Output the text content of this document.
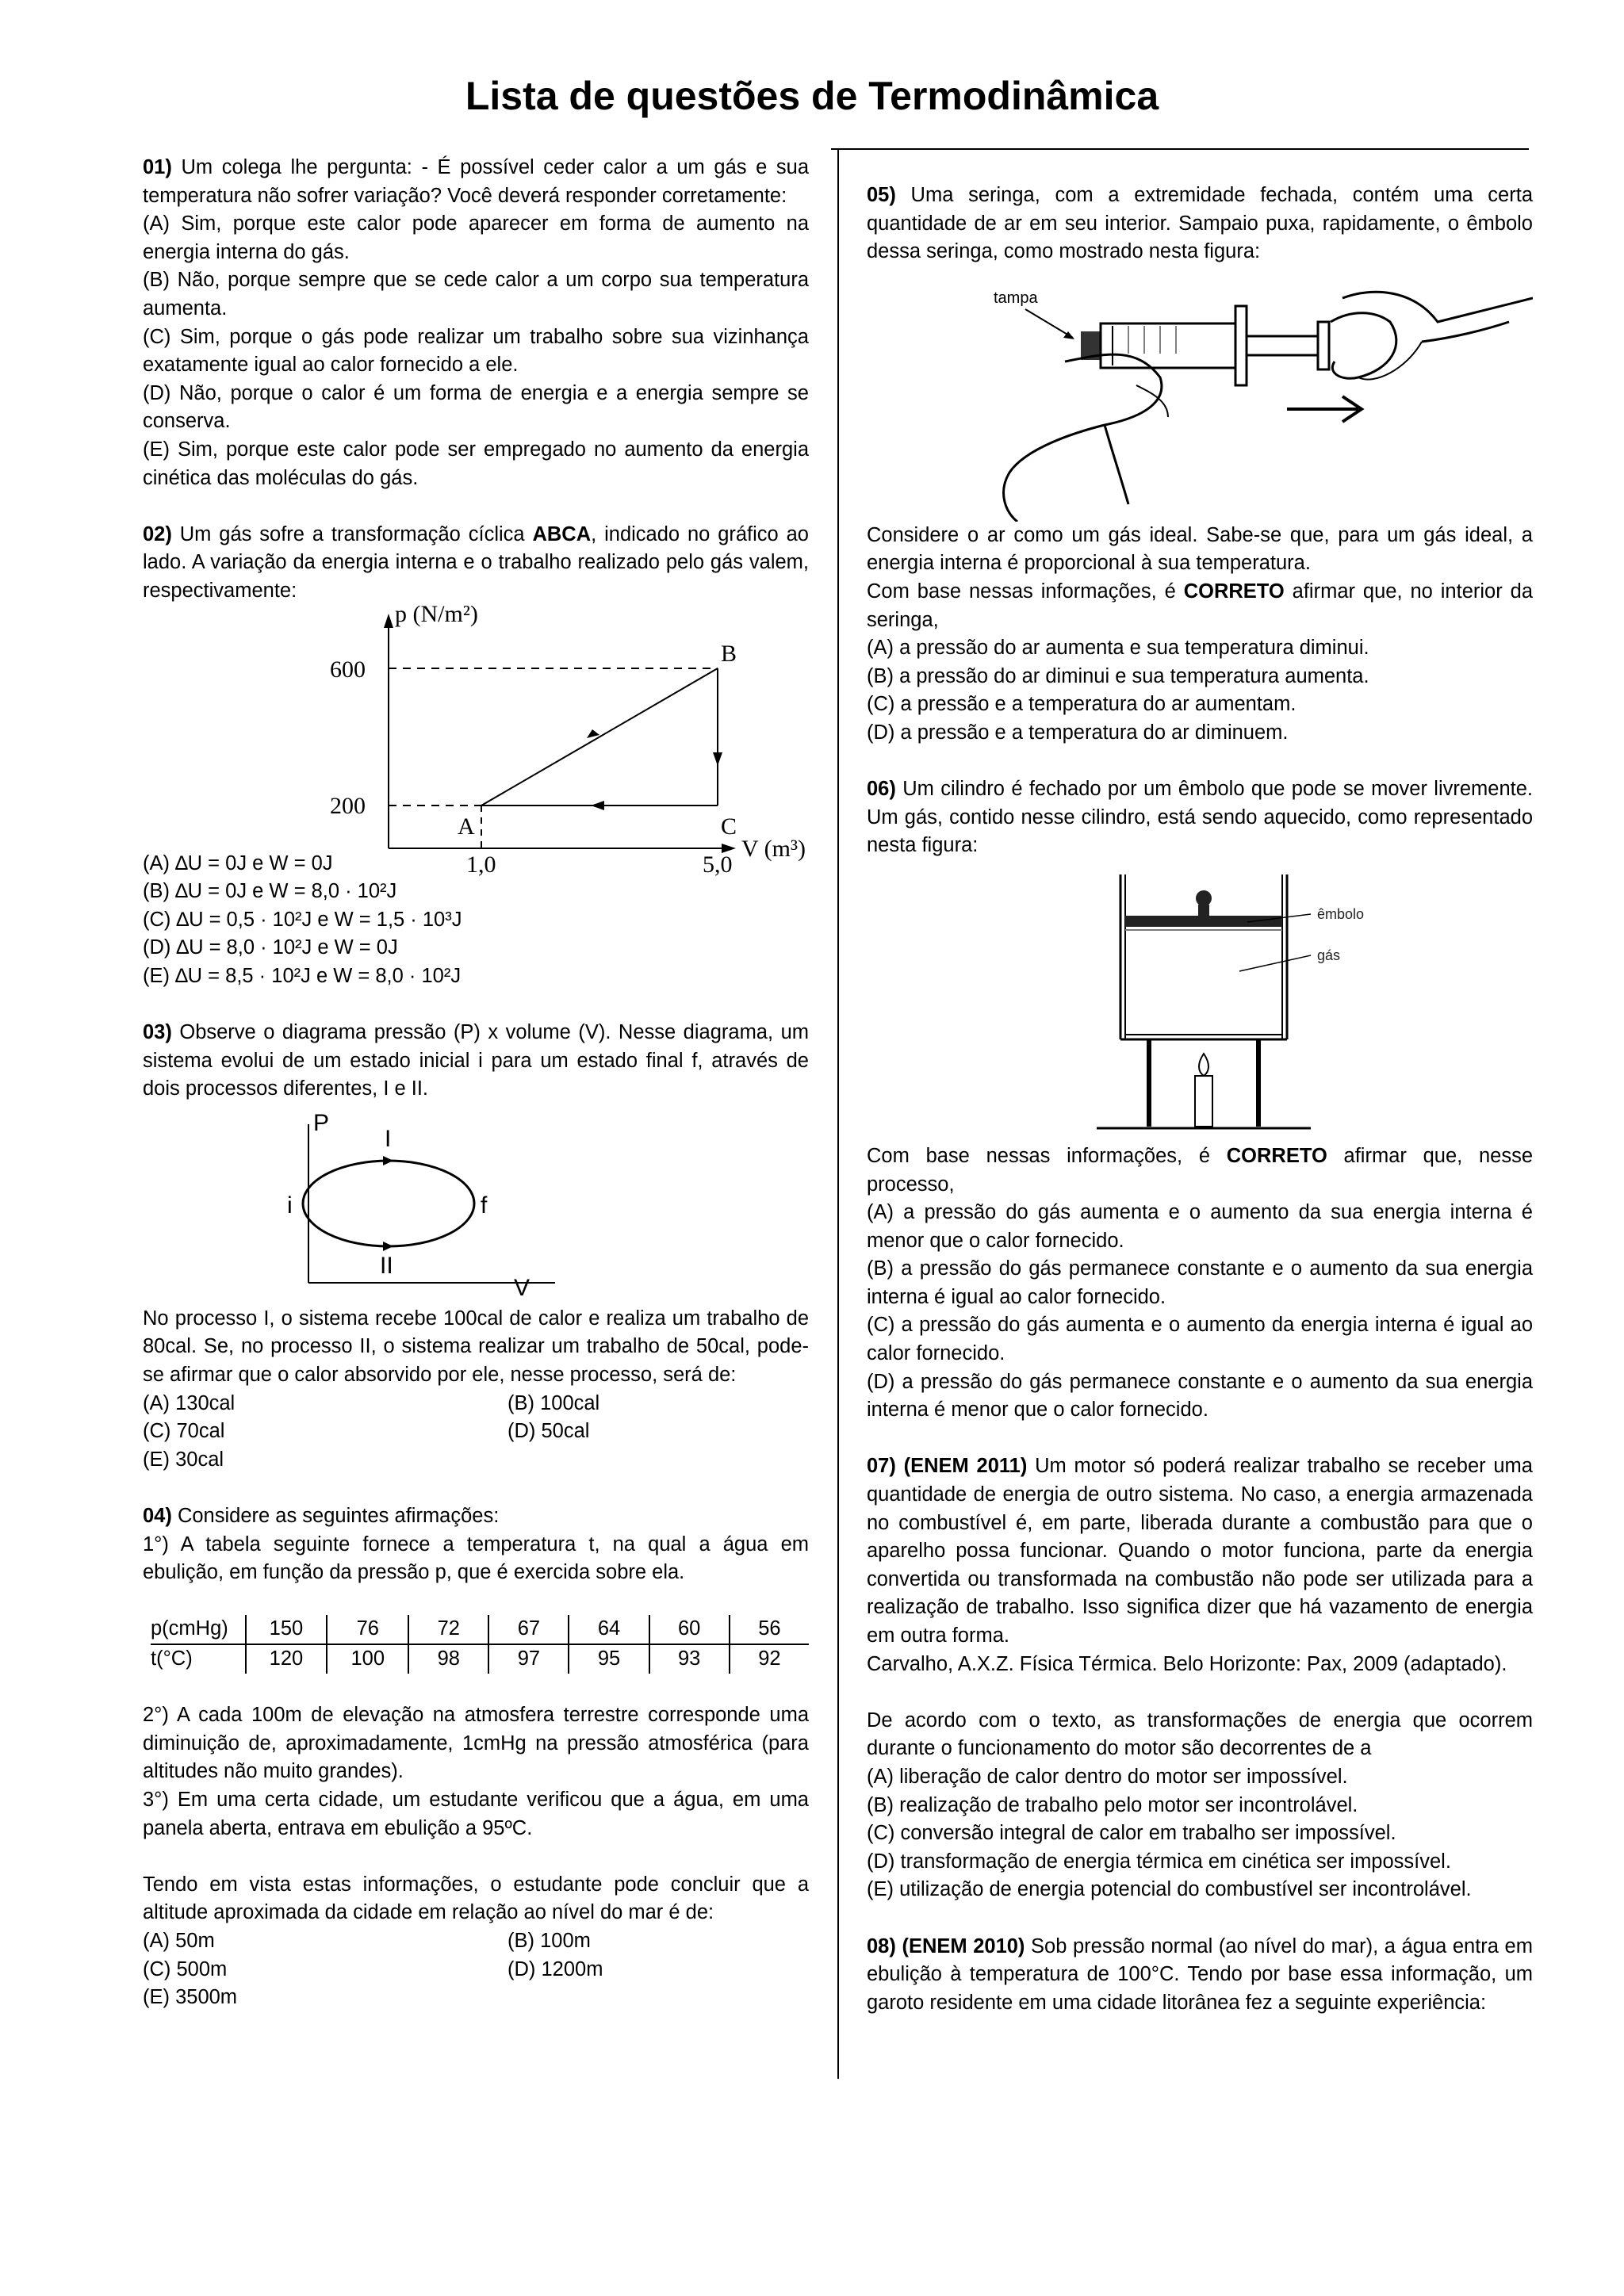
Lista de questões de Termodinâmica

01) Um colega lhe pergunta: - É possível ceder calor a um gás e sua temperatura não sofrer variação? Você deverá responder corretamente:

(A) Sim, porque este calor pode aparecer em forma de aumento na energia interna do gás.

(B) Não, porque sempre que se cede calor a um corpo sua temperatura aumenta.

(C) Sim, porque o gás pode realizar um trabalho sobre sua vizinhança exatamente igual ao calor fornecido a ele.

(D) Não, porque o calor é um forma de energia e a energia sempre se conserva.

(E) Sim, porque este calor pode ser empregado no aumento da energia cinética das moléculas do gás.

02) Um gás sofre a transformação cíclica ABCA, indicado no gráfico ao lado. A variação da energia interna e o trabalho realizado pelo gás valem, respectivamente:

p (N/m²)
600
200
1,0	5,0
V (m³)
A
B
C

(A) ∆U = 0J e W = 0J

(B) ∆U = 0J e W = 8,0 · 10²J

(C) ∆U = 0,5 · 10²J e W = 1,5 · 10³J

(D) ∆U = 8,0 · 10²J e W = 0J

(E) ∆U = 8,5 · 10²J e W = 8,0 · 10²J

03) Observe o diagrama pressão (P) x volume (V). Nesse diagrama, um sistema evolui de um estado inicial i para um estado final f, através de dois processos diferentes, I e II.

P
I
i	f
II
V

No processo I, o sistema recebe 100cal de calor e realiza um trabalho de 80cal. Se, no processo II, o sistema realizar um trabalho de 50cal, pode-se afirmar que o calor absorvido por ele, nesse processo, será de:

(A) 130cal	(B) 100cal
(C) 70cal	(D) 50cal
(E) 30cal

04) Considere as seguintes afirmações:

1°) A tabela seguinte fornece a temperatura t, na qual a água em ebulição, em função da pressão p, que é exercida sobre ela.

p(cmHg)	150	76	72	67	64	60	56
t(°C)	120	100	98	97	95	93	92

2°) A cada 100m de elevação na atmosfera terrestre corresponde uma diminuição de, aproximadamente, 1cmHg na pressão atmosférica (para altitudes não muito grandes).

3°) Em uma certa cidade, um estudante verificou que a água, em uma panela aberta, entrava em ebulição a 95ºC.

Tendo em vista estas informações, o estudante pode concluir que a altitude aproximada da cidade em relação ao nível do mar é de:

(A) 50m	(B) 100m
(C) 500m	(D) 1200m
(E) 3500m

05) Uma seringa, com a extremidade fechada, contém uma certa quantidade de ar em seu interior. Sampaio puxa, rapidamente, o êmbolo dessa seringa, como mostrado nesta figura:

tampa

Considere o ar como um gás ideal. Sabe-se que, para um gás ideal, a energia interna é proporcional à sua temperatura.

Com base nessas informações, é CORRETO afirmar que, no interior da seringa,

(A) a pressão do ar aumenta e sua temperatura diminui.

(B) a pressão do ar diminui e sua temperatura aumenta.

(C) a pressão e a temperatura do ar aumentam.

(D) a pressão e a temperatura do ar diminuem.

06) Um cilindro é fechado por um êmbolo que pode se mover livremente. Um gás, contido nesse cilindro, está sendo aquecido, como representado nesta figura:

êmbolo
gás

Com base nessas informações, é CORRETO afirmar que, nesse processo,

(A) a pressão do gás aumenta e o aumento da sua energia interna é menor que o calor fornecido.

(B) a pressão do gás permanece constante e o aumento da sua energia interna é igual ao calor fornecido.

(C) a pressão do gás aumenta e o aumento da energia interna é igual ao calor fornecido.

(D) a pressão do gás permanece constante e o aumento da sua energia interna é menor que o calor fornecido.

07) (ENEM 2011) Um motor só poderá realizar trabalho se receber uma quantidade de energia de outro sistema. No caso, a energia armazenada no combustível é, em parte, liberada durante a combustão para que o aparelho possa funcionar. Quando o motor funciona, parte da energia convertida ou transformada na combustão não pode ser utilizada para a realização de trabalho. Isso significa dizer que há vazamento de energia em outra forma.

Carvalho, A.X.Z. Física Térmica. Belo Horizonte: Pax, 2009 (adaptado).

De acordo com o texto, as transformações de energia que ocorrem durante o funcionamento do motor são decorrentes de a

(A) liberação de calor dentro do motor ser impossível.

(B) realização de trabalho pelo motor ser incontrolável.

(C) conversão integral de calor em trabalho ser impossível.

(D) transformação de energia térmica em cinética ser impossível.

(E) utilização de energia potencial do combustível ser incontrolável.

08) (ENEM 2010) Sob pressão normal (ao nível do mar), a água entra em ebulição à temperatura de 100°C. Tendo por base essa informação, um garoto residente em uma cidade litorânea fez a seguinte experiência:
